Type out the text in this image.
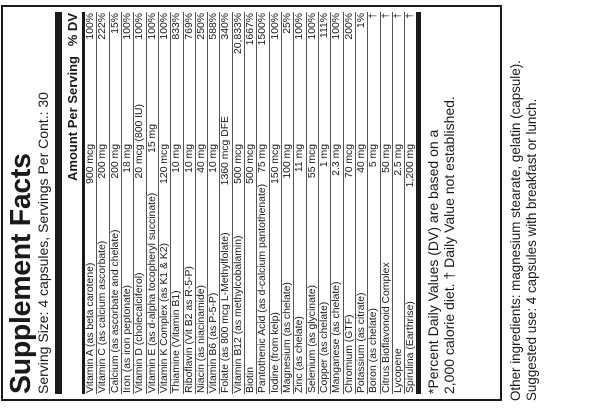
Supplement Facts
Serving Size: 4 capsules, Servings Per Cont.: 30	Amount Per Serving
% DV
Vitamin A (as beta carotene)
900 mcg
100%
Vitamin C (as calcium ascorbate)
200 mg
222%
Calcium (as ascorbate and chelate)
200 mg
15%
Iron (as iron peptonate)
18 mg
100%
Vitamin D (cholecalciferol)
20 mcg (800 IU)
100%
Vitamin E (as d-alpha tocopheryl succinate)
15 mg
100%
Vitamin K Complex (as K1 & K2)
120 mcg
100%
Thiamine (Vitamin B1)
10 mg
833%
Riboflavin (Vit B2 as R-5-P)
10 mg
769%
Niacin (as niacinamide)
40 mg
250%
Vitamin B6 (as P-5-P)
10 mg
588%
Folate (as 800 mcg L-Methylfolate)
1360 mcg DFE
340%
Vitamin B12 (as methylcobalamin)
500 mcg
20,833%
Biotin
500 mcg
1667%
Pantothenic Acid (as d-calcium pantothenate)
75 mg
1500%
Iodine (from kelp)
150 mcg
100%
Magnesium (as chelate)
100 mg
25%
Zinc (as chelate)
11 mg
100%
Selenium (as glycinate)
55 mcg
100%
Copper (as chelate)
1 mg
111%
Manganese (as chelate)
2.3 mg
100%
Chromium (GTF)
70 mcg
200%
Potassium (as citrate)
40 mg
1%
Boron (as chelate)
5 mg
†
Citrus Bioflavonoid Complex
50 mg
†
Lycopene
2.5 mg
†
Spirulina (Earthrise)
1,200 mg
†
*Percent Daily Values (DV) are based on a 2,000 calorie diet. † Daily Value not established.	Other ingredients: magnesium stearate, gelatin (capsule). Suggested use: 4 capsules with breakfast or lunch.
